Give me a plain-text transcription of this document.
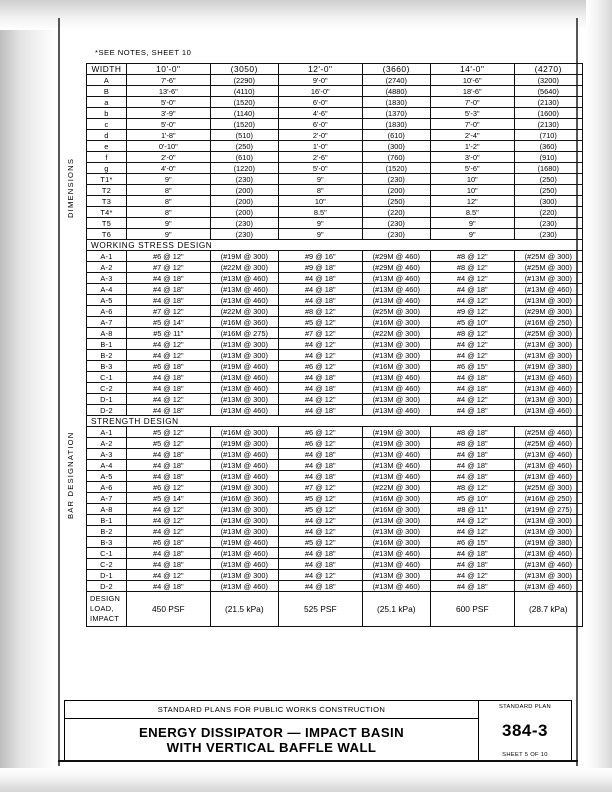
*SEE NOTES, SHEET 10
DIMENSIONS
BAR DESIGNATION
WIDTH	10'-0"	(3050)	12'-0"	(3660)	14'-0"	(4270)
A	7'-6"	(2290)	9'-0"	(2740)	10'-6"	(3200)
B	13'-6"	(4110)	16'-0"	(4880)	18'-6"	(5640)
a	5'-0"	(1520)	6'-0"	(1830)	7'-0"	(2130)
b	3'-9"	(1140)	4'-6"	(1370)	5'-3"	(1600)
c	5'-0"	(1520)	6'-0"	(1830)	7'-0"	(2130)
d	1'-8"	(510)	2'-0"	(610)	2'-4"	(710)
e	0'-10"	(250)	1'-0"	(300)	1'-2"	(360)
f	2'-0"	(610)	2'-6"	(760)	3'-0"	(910)
g	4'-0"	(1220)	5'-0"	(1520)	5'-6"	(1680)
T1*	9"	(230)	9"	(230)	10"	(250)
T2	8"	(200)	8"	(200)	10"	(250)
T3	8"	(200)	10"	(250)	12"	(300)
T4*	8"	(200)	8.5"	(220)	8.5"	(220)
T5	9"	(230)	9"	(230)	9"	(230)
T6	9"	(230)	9"	(230)	9"	(230)
WORKING STRESS DESIGN						
A-1	#6 @ 12"	(#19M @ 300)	#9 @ 16"	(#29M @ 460)	#8 @ 12"	(#25M @ 300)
A-2	#7 @ 12"	(#22M @ 300)	#9 @ 18"	(#29M @ 460)	#8 @ 12"	(#25M @ 300)
A-3	#4 @ 18"	(#13M @ 460)	#4 @ 18"	(#13M @ 460)	#4 @ 12"	(#13M @ 300)
A-4	#4 @ 18"	(#13M @ 460)	#4 @ 18"	(#13M @ 460)	#4 @ 18"	(#13M @ 460)
A-5	#4 @ 18"	(#13M @ 460)	#4 @ 18"	(#13M @ 460)	#4 @ 12"	(#13M @ 300)
A-6	#7 @ 12"	(#22M @ 300)	#8 @ 12"	(#25M @ 300)	#9 @ 12"	(#29M @ 300)
A-7	#5 @ 14"	(#16M @ 360)	#5 @ 12"	(#16M @ 300)	#5 @ 10"	(#16M @ 250)
A-8	#5 @ 11"	(#16M @ 275)	#7 @ 12"	(#22M @ 300)	#8 @ 12"	(#25M @ 300)
B-1	#4 @ 12"	(#13M @ 300)	#4 @ 12"	(#13M @ 300)	#4 @ 12"	(#13M @ 300)
B-2	#4 @ 12"	(#13M @ 300)	#4 @ 12"	(#13M @ 300)	#4 @ 12"	(#13M @ 300)
B-3	#6 @ 18"	(#19M @ 460)	#6 @ 12"	(#16M @ 300)	#6 @ 15"	(#19M @ 380)
C-1	#4 @ 18"	(#13M @ 460)	#4 @ 18"	(#13M @ 460)	#4 @ 18"	(#13M @ 460)
C-2	#4 @ 18"	(#13M @ 460)	#4 @ 18"	(#13M @ 460)	#4 @ 18"	(#13M @ 460)
D-1	#4 @ 12"	(#13M @ 300)	#4 @ 12"	(#13M @ 300)	#4 @ 12"	(#13M @ 300)
D-2	#4 @ 18"	(#13M @ 460)	#4 @ 18"	(#13M @ 460)	#4 @ 18"	(#13M @ 460)
STRENGTH DESIGN						
A-1	#5 @ 12"	(#16M @ 300)	#6 @ 12"	(#19M @ 300)	#8 @ 18"	(#25M @ 460)
A-2	#5 @ 12"	(#19M @ 300)	#6 @ 12"	(#19M @ 300)	#8 @ 18"	(#25M @ 460)
A-3	#4 @ 18"	(#13M @ 460)	#4 @ 18"	(#13M @ 460)	#4 @ 18"	(#13M @ 460)
A-4	#4 @ 18"	(#13M @ 460)	#4 @ 18"	(#13M @ 460)	#4 @ 18"	(#13M @ 460)
A-5	#4 @ 18"	(#13M @ 460)	#4 @ 18"	(#13M @ 460)	#4 @ 18"	(#13M @ 460)
A-6	#6 @ 12"	(#19M @ 300)	#7 @ 12"	(#22M @ 300)	#8 @ 12"	(#25M @ 300)
A-7	#5 @ 14"	(#16M @ 360)	#5 @ 12"	(#16M @ 300)	#5 @ 10"	(#16M @ 250)
A-8	#4 @ 12"	(#13M @ 300)	#5 @ 12"	(#16M @ 300)	#8 @ 11"	(#19M @ 275)
B-1	#4 @ 12"	(#13M @ 300)	#4 @ 12"	(#13M @ 300)	#4 @ 12"	(#13M @ 300)
B-2	#4 @ 12"	(#13M @ 300)	#4 @ 12"	(#13M @ 300)	#4 @ 12"	(#13M @ 300)
B-3	#6 @ 18"	(#19M @ 460)	#5 @ 12"	(#16M @ 300)	#6 @ 15"	(#19M @ 380)
C-1	#4 @ 18"	(#13M @ 460)	#4 @ 18"	(#13M @ 460)	#4 @ 18"	(#13M @ 460)
C-2	#4 @ 18"	(#13M @ 460)	#4 @ 18"	(#13M @ 460)	#4 @ 18"	(#13M @ 460)
D-1	#4 @ 12"	(#13M @ 300)	#4 @ 12"	(#13M @ 300)	#4 @ 12"	(#13M @ 300)
D-2	#4 @ 18"	(#13M @ 460)	#4 @ 18"	(#13M @ 460)	#4 @ 18"	(#13M @ 460)

DESIGN
LOAD,
IMPACT	450 PSF	(21.5 kPa)	525 PSF	(25.1 kPa)	600 PSF	(28.7 kPa)
STANDARD PLANS FOR PUBLIC WORKS CONSTRUCTION
ENERGY DISSIPATOR — IMPACT BASIN
WITH VERTICAL BAFFLE WALL
STANDARD PLAN
384-3
SHEET 5 OF 10
